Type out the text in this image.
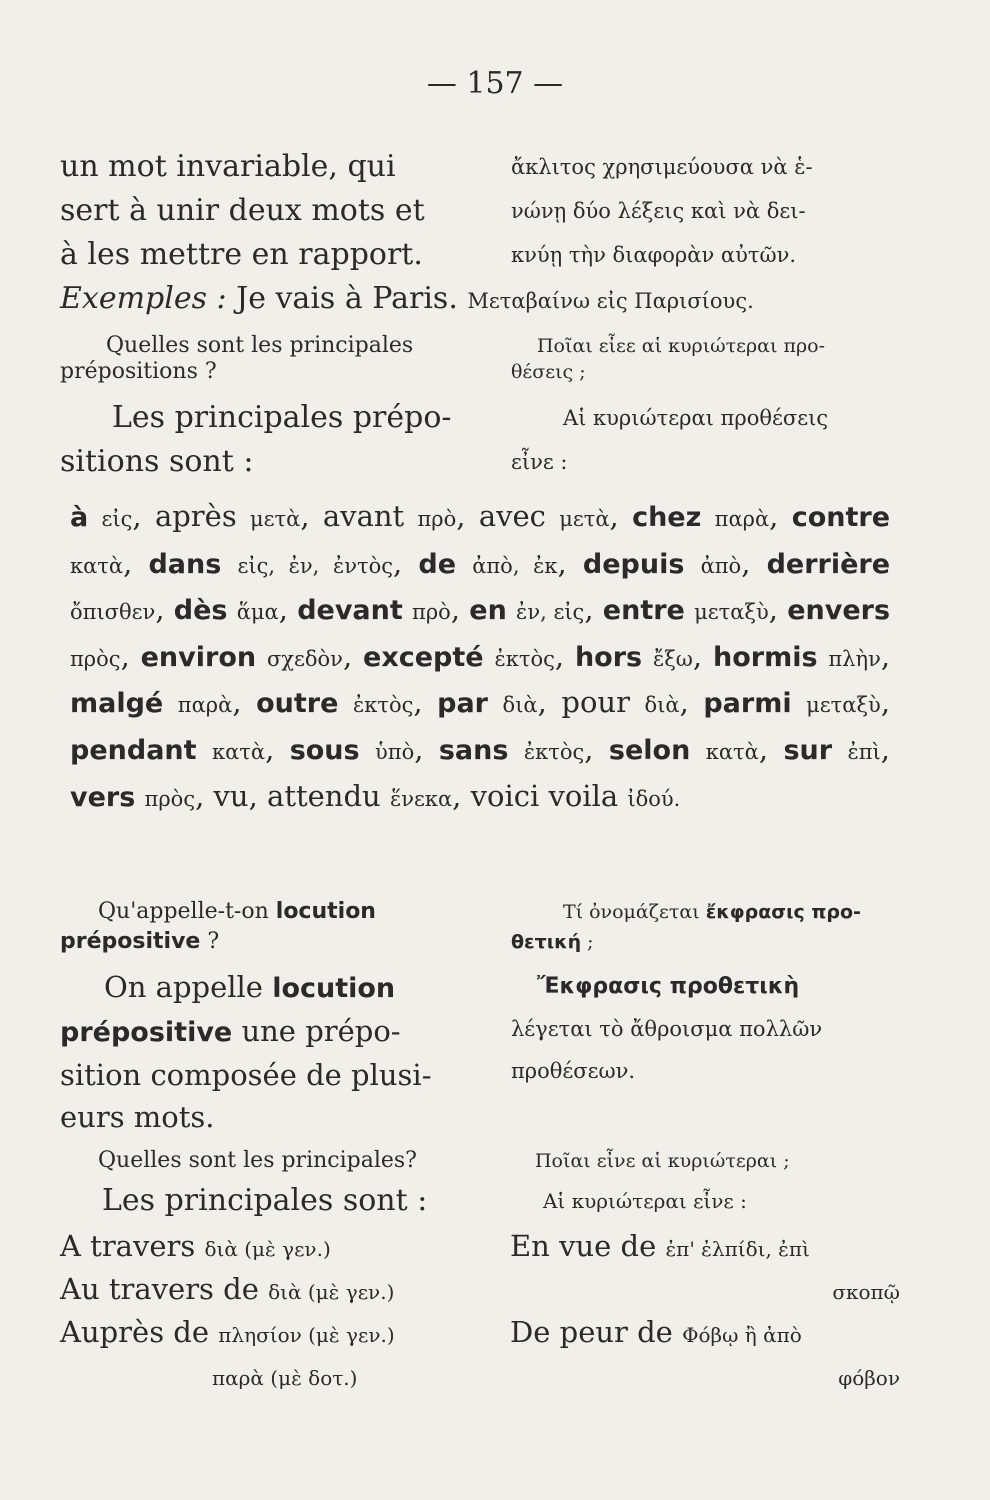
— 157 —
un mot invariable, qui
sert à unir deux mots et
à les mettre en rapport.
ἄκλιτος χρησιμεύουσα νὰ ἑ-
νώνῃ δύο λέξεις καὶ νὰ δει-
κνύῃ τὴν διαφορὰν αὐτῶν.
Exemples : Je vais à Paris. Μεταβαίνω εἰς Παρισίους.
Quelles sont les principales
prépositions ?
Ποῖαι εἶεε αἱ κυριώτεραι προ-
θέσεις ;
Les principales prépo-
sitions sont :
Αἱ κυριώτεραι προθέσεις
εἶνε :
à εἰς, après μετὰ, avant πρὸ, avec μετὰ, chez παρὰ, contre κατὰ, dans εἰς, ἐν, ἐντὸς, de ἀπὸ, ἐκ, depuis ἀπὸ, derrière ὄπισθεν, dès ἅμα, devant πρὸ, en ἐν, εἰς, entre μεταξὺ, envers πρὸς, environ σχεδὸν, excepté ἐκτὸς, hors ἔξω, hormis πλὴν, malgé παρὰ, outre ἐκτὸς, par διὰ, pour διὰ, parmi μεταξὺ, pendant κατὰ, sous ὑπὸ, sans ἐκτὸς, selon κατὰ, sur ἐπὶ, vers πρὸς, vu, attendu ἕνεκα, voici voila ἰδού.
Qu'appelle-t-on locution
prépositive ?
Τί ὀνομάζεται ἔκφρασις προ-
θετική ;
On appelle locution
prépositive une prépo-
sition composée de plusi-
eurs mots.
Ἔκφρασις προθετικὴ
λέγεται τὸ ἄθροισμα πολλῶν
προθέσεων.
Quelles sont les principales?	Ποῖαι εἶνε αἱ κυριώτεραι ;
Les principales sont :	Αἱ κυριώτεραι εἶνε :
A travers διὰ (μὲ γεν.)
Au travers de διὰ (μὲ γεν.)
Auprès de πλησίον (μὲ γεν.)
παρὰ (μὲ δοτ.)
En vue de ἐπ' ἐλπίδι, ἐπὶ
σκοπῷ
De peur de Φόβῳ ἢ ἀπὸ
φόβον
